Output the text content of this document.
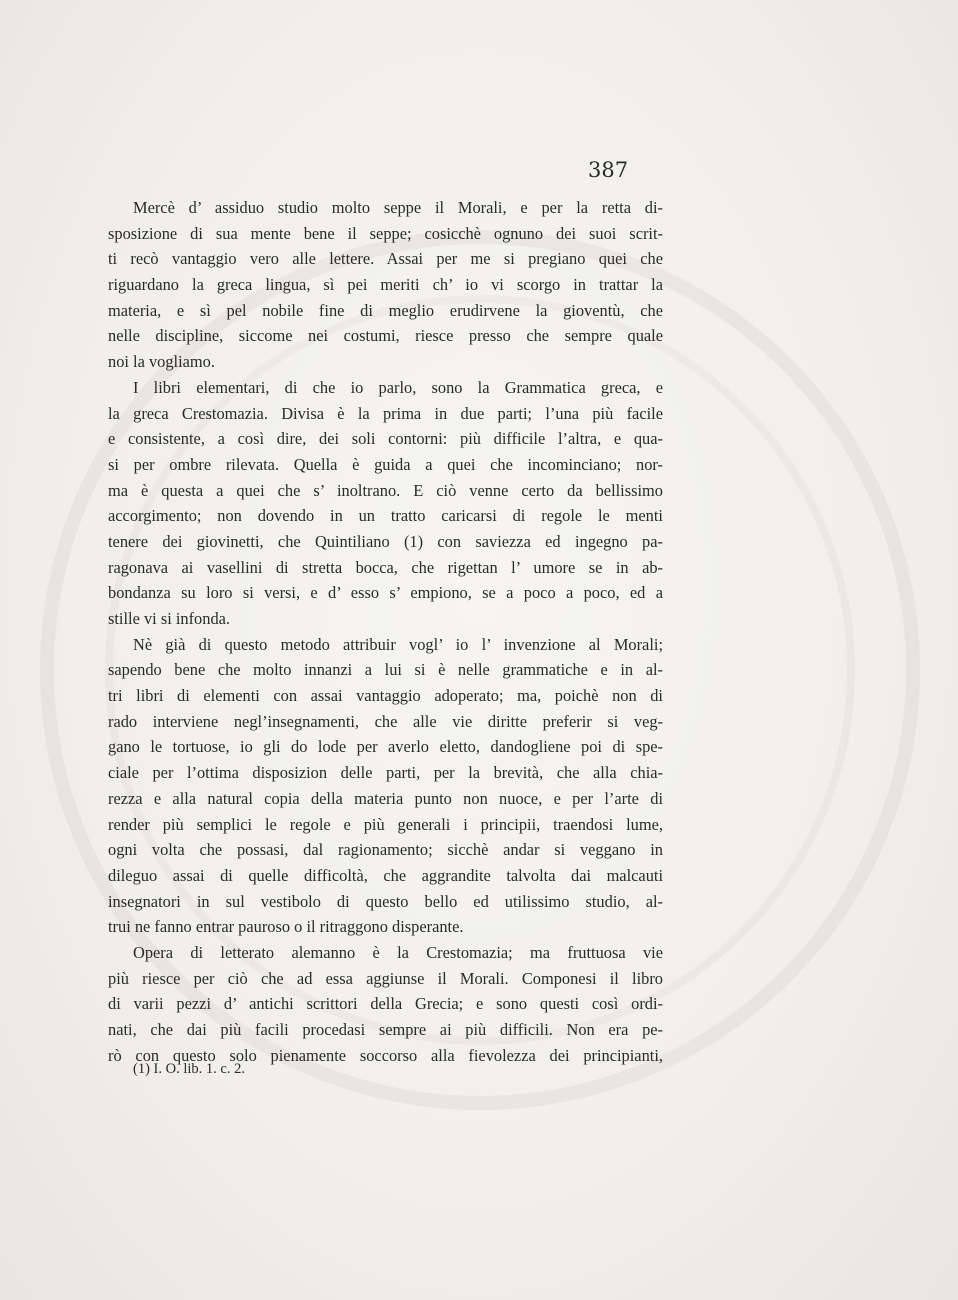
387
Mercè d’ assiduo studio molto seppe il Morali, e per la retta di-
sposizione di sua mente bene il seppe; cosicchè ognuno dei suoi scrit-
ti recò vantaggio vero alle lettere. Assai per me si pregiano quei che
riguardano la greca lingua, sì pei meriti ch’ io vi scorgo in trattar la
materia, e sì pel nobile fine di meglio erudirvene la gioventù, che
nelle discipline, siccome nei costumi, riesce presso che sempre quale
noi la vogliamo.
I libri elementari, di che io parlo, sono la Grammatica greca, e
la greca Crestomazia. Divisa è la prima in due parti; l’una più facile
e consistente, a così dire, dei soli contorni: più difficile l’altra, e qua-
si per ombre rilevata. Quella è guida a quei che incominciano; nor-
ma è questa a quei che s’ inoltrano. E ciò venne certo da bellissimo
accorgimento; non dovendo in un tratto caricarsi di regole le menti
tenere dei giovinetti, che Quintiliano (1) con saviezza ed ingegno pa-
ragonava ai vasellini di stretta bocca, che rigettan l’ umore se in ab-
bondanza su loro si versi, e d’ esso s’ empiono, se a poco a poco, ed a
stille vi si infonda.
Nè già di questo metodo attribuir vogl’ io l’ invenzione al Morali;
sapendo bene che molto innanzi a lui si è nelle grammatiche e in al-
tri libri di elementi con assai vantaggio adoperato; ma, poichè non di
rado interviene negl’insegnamenti, che alle vie diritte preferir si veg-
gano le tortuose, io gli do lode per averlo eletto, dandogliene poi di spe-
ciale per l’ottima disposizion delle parti, per la brevità, che alla chia-
rezza e alla natural copia della materia punto non nuoce, e per l’arte di
render più semplici le regole e più generali i principii, traendosi lume,
ogni volta che possasi, dal ragionamento; sicchè andar si veggano in
dileguo assai di quelle difficoltà, che aggrandite talvolta dai malcauti
insegnatori in sul vestibolo di questo bello ed utilissimo studio, al-
trui ne fanno entrar pauroso o il ritraggono disperante.
Opera di letterato alemanno è la Crestomazia; ma fruttuosa vie
più riesce per ciò che ad essa aggiunse il Morali. Componesi il libro
di varii pezzi d’ antichi scrittori della Grecia; e sono questi così ordi-
nati, che dai più facili procedasi sempre ai più difficili. Non era pe-
rò con questo solo pienamente soccorso alla fievolezza dei principianti,
(1) I. O. lib. 1. c. 2.
